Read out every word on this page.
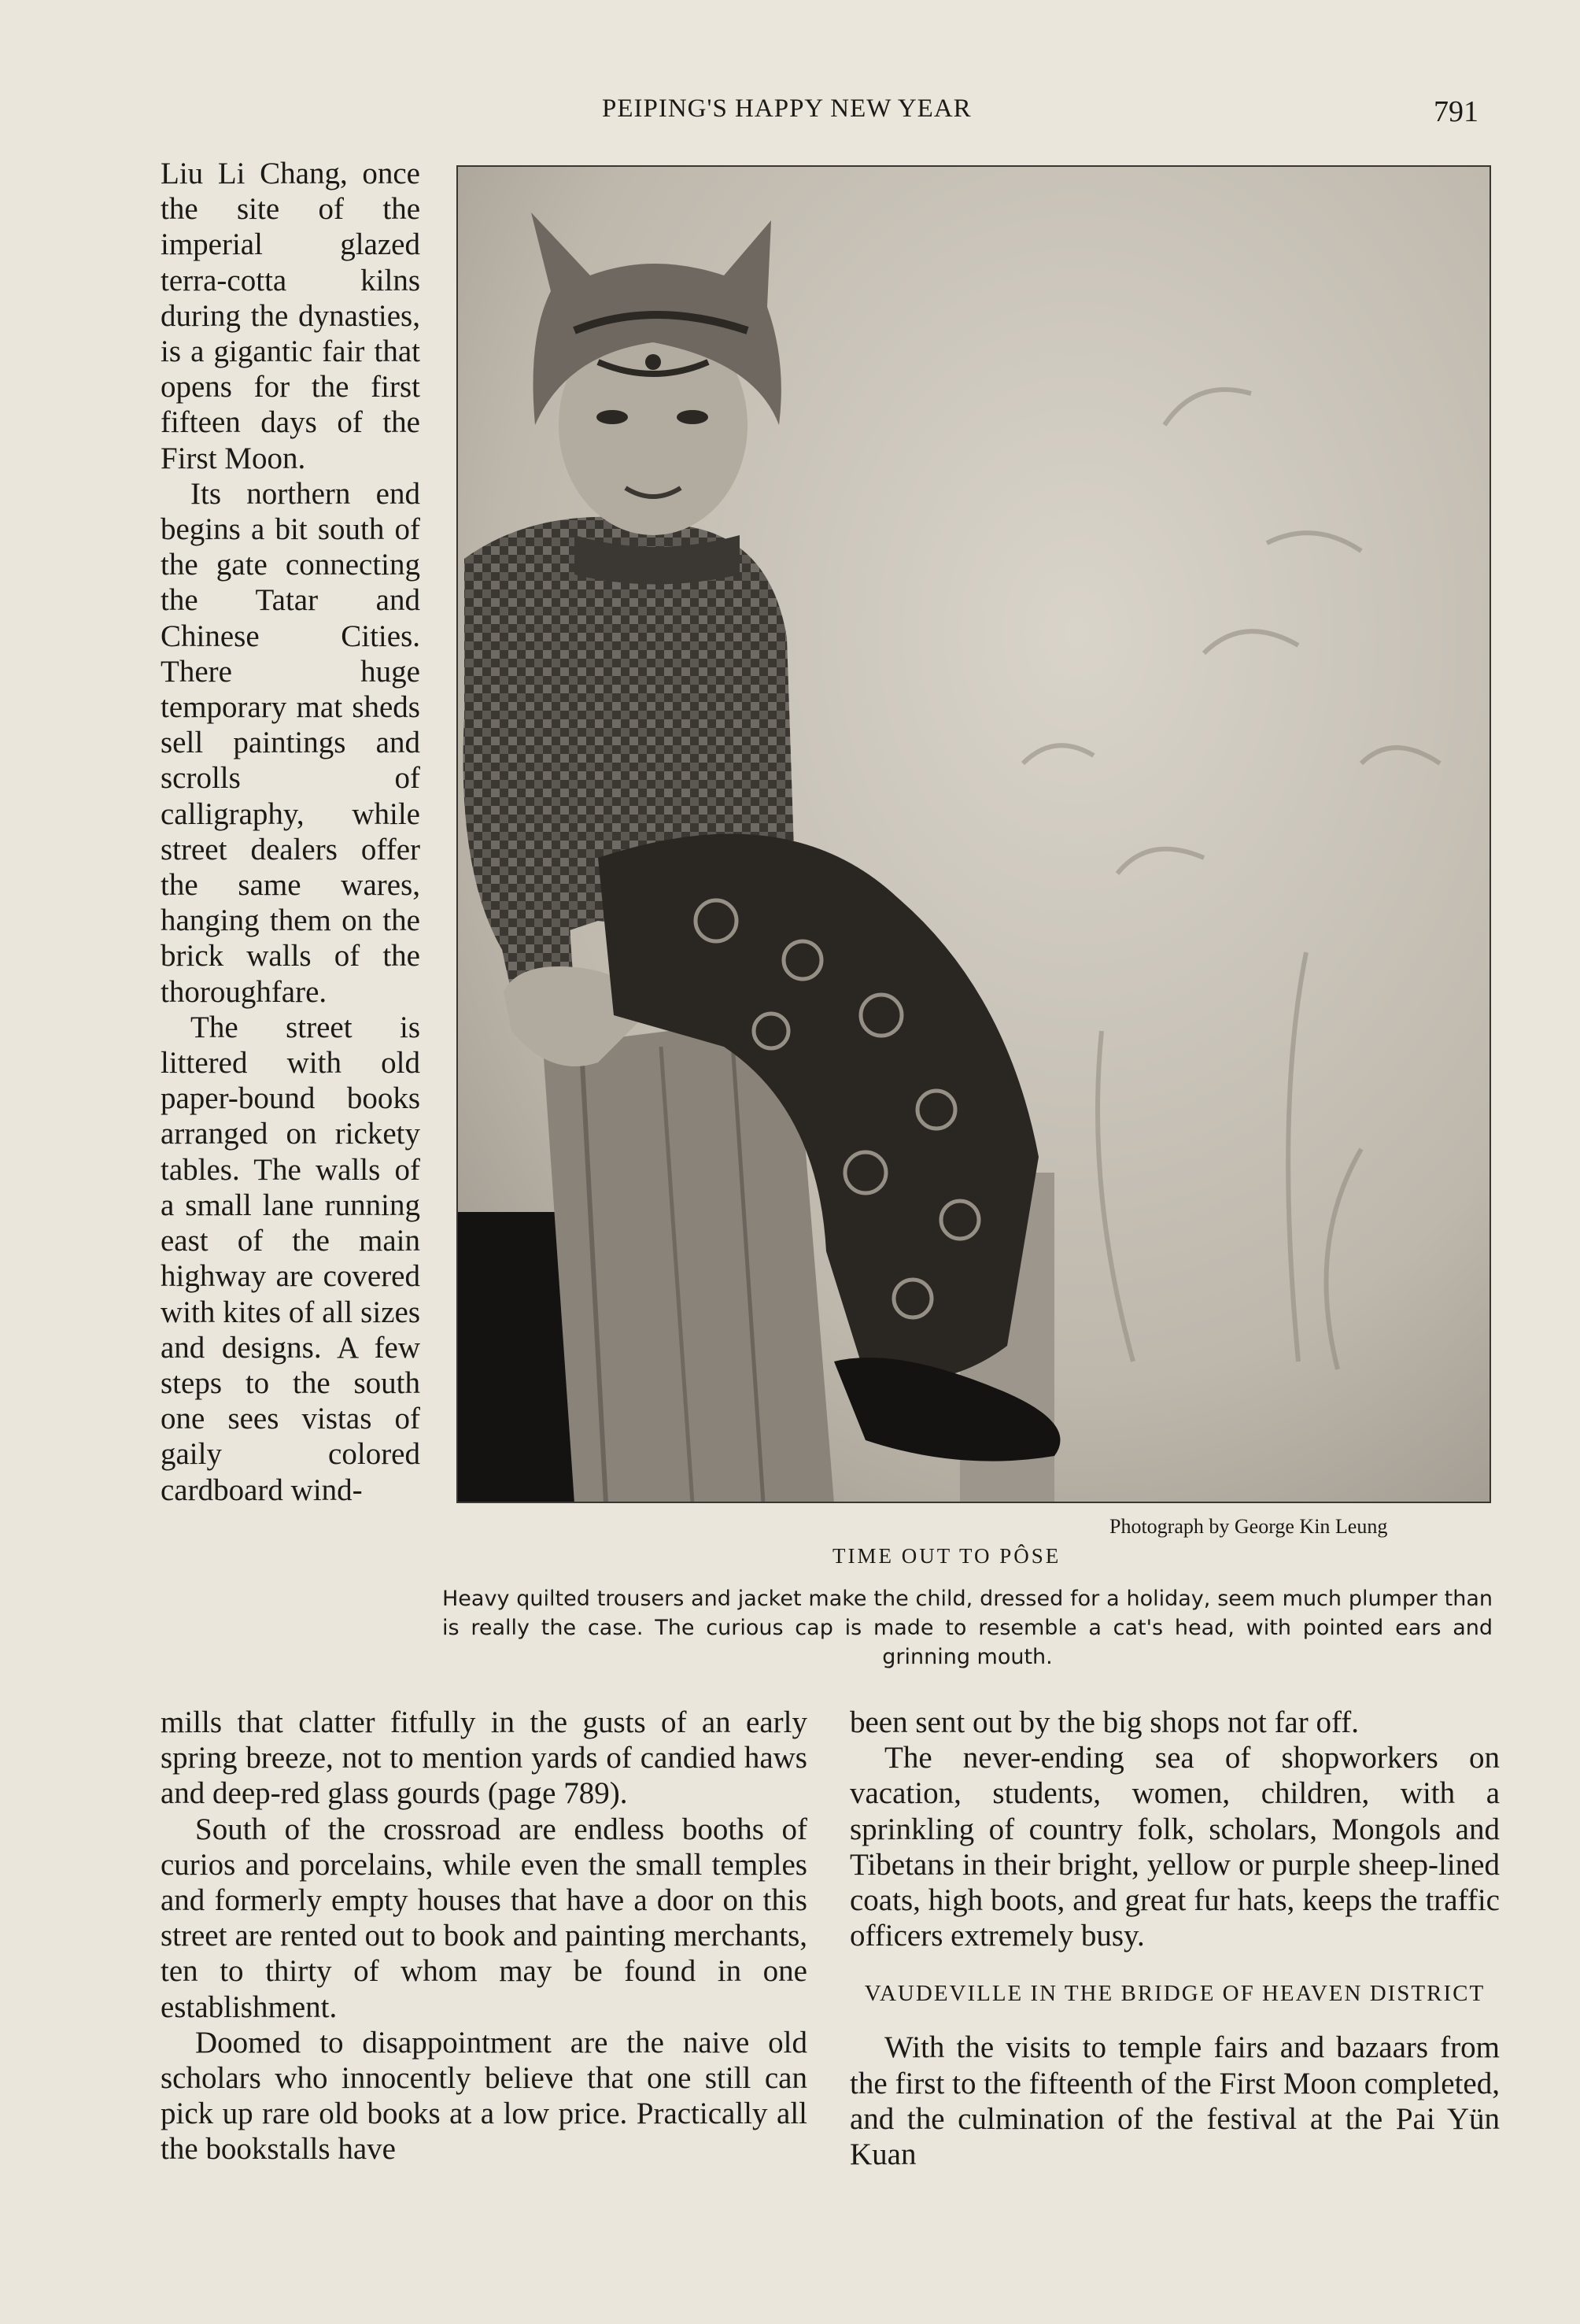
PEIPING'S HAPPY NEW YEAR	791

Liu Li Chang, once the site of the imperial glazed terra-cotta kilns during the dynasties, is a gigantic fair that opens for the first fifteen days of the First Moon.

Its northern end begins a bit south of the gate connecting the Tatar and Chinese Cities. There huge temporary mat sheds sell paintings and scrolls of calligraphy, while street dealers offer the same wares, hanging them on the brick walls of the thoroughfare.

The street is littered with old paper-bound books arranged on rickety tables. The walls of a small lane running east of the main highway are covered with kites of all sizes and designs. A few steps to the south one sees vistas of gaily colored cardboard wind-

Photograph by George Kin Leung
TIME OUT TO PÔSE
Heavy quilted trousers and jacket make the child, dressed for a holiday, seem much plumper than is really the case. The curious cap is made to resemble a cat's head, with pointed ears and grinning mouth.

mills that clatter fitfully in the gusts of an early spring breeze, not to mention yards of candied haws and deep-red glass gourds (page 789).

South of the crossroad are endless booths of curios and porcelains, while even the small temples and formerly empty houses that have a door on this street are rented out to book and painting merchants, ten to thirty of whom may be found in one establishment.

Doomed to disappointment are the naive old scholars who innocently believe that one still can pick up rare old books at a low price. Practically all the bookstalls have

been sent out by the big shops not far off.

The never-ending sea of shopworkers on vacation, students, women, children, with a sprinkling of country folk, scholars, Mongols and Tibetans in their bright, yellow or purple sheep-lined coats, high boots, and great fur hats, keeps the traffic officers extremely busy.

VAUDEVILLE IN THE BRIDGE OF HEAVEN DISTRICT

With the visits to temple fairs and bazaars from the first to the fifteenth of the First Moon completed, and the culmination of the festival at the Pai Yün Kuan
